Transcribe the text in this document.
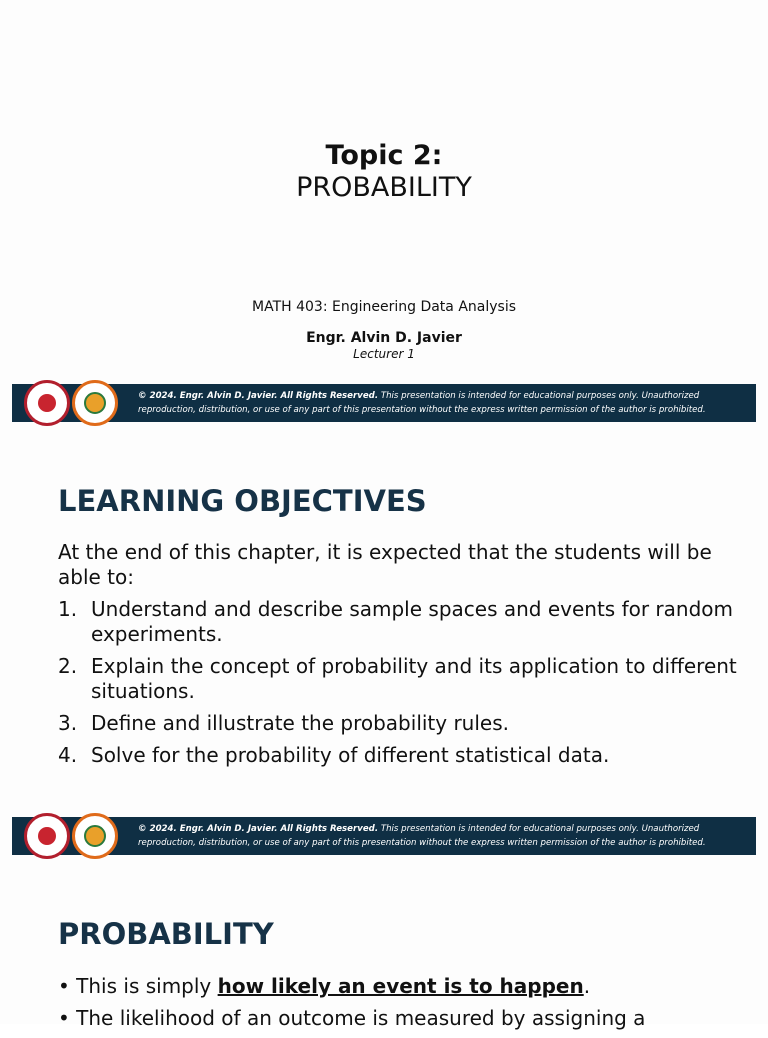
Topic 2:
PROBABILITY
MATH 403: Engineering Data Analysis
Engr. Alvin D. Javier
Lecturer 1
© 2024. Engr. Alvin D. Javier. All Rights Reserved. This presentation is intended for educational purposes only. Unauthorized reproduction, distribution, or use of any part of this presentation without the express written permission of the author is prohibited.
LEARNING OBJECTIVES
At the end of this chapter, it is expected that the students will be able to:
1. Understand and describe sample spaces and events for random experiments.
2. Explain the concept of probability and its application to different situations.
3. Define and illustrate the probability rules.
4. Solve for the probability of different statistical data.
© 2024. Engr. Alvin D. Javier. All Rights Reserved. This presentation is intended for educational purposes only. Unauthorized reproduction, distribution, or use of any part of this presentation without the express written permission of the author is prohibited.
PROBABILITY
• This is simply how likely an event is to happen.
• The likelihood of an outcome is measured by assigning a
